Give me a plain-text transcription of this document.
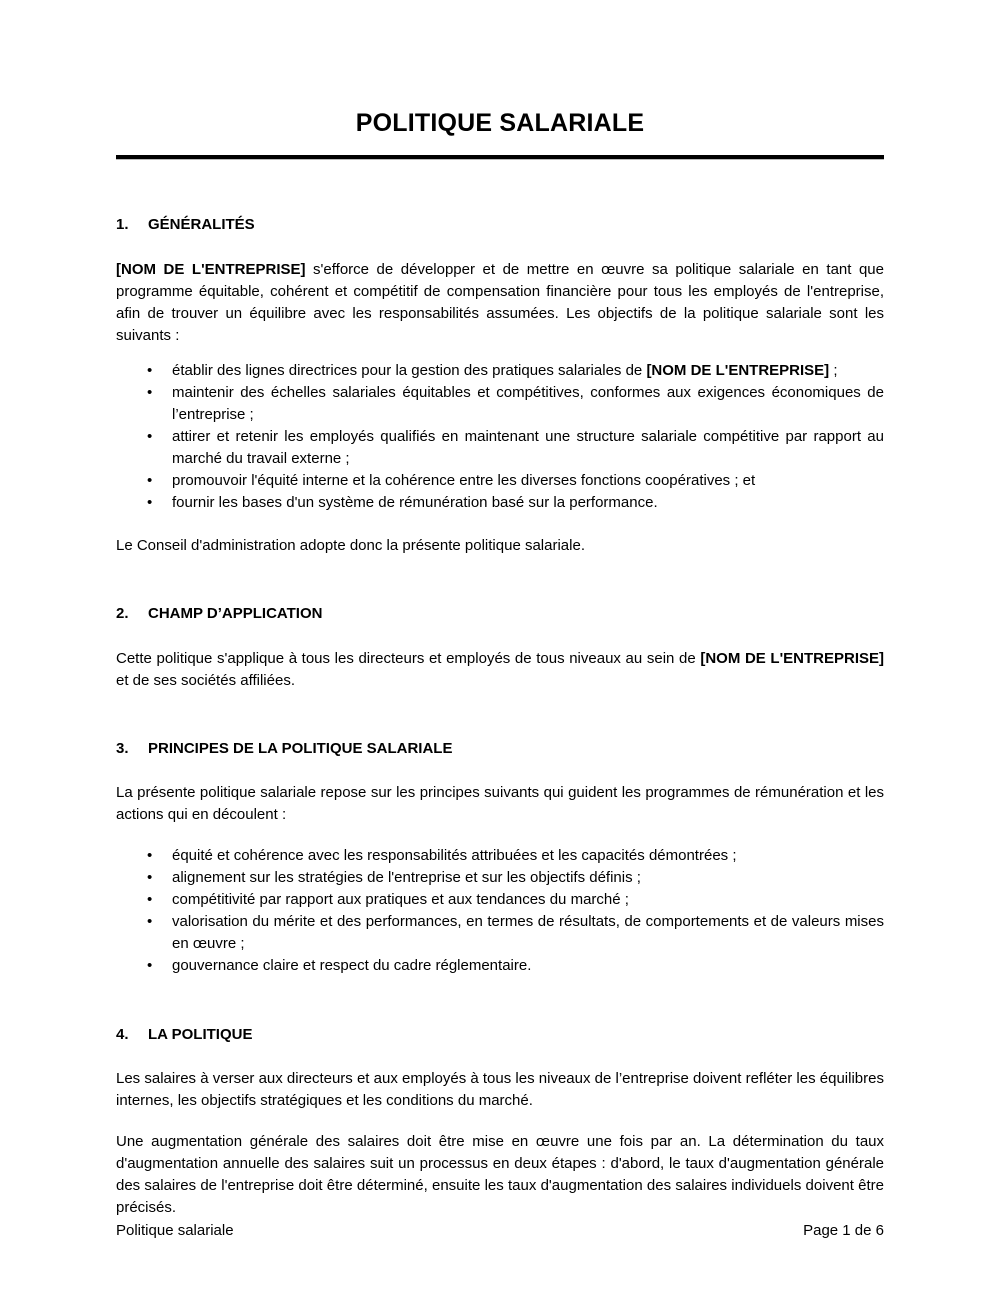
POLITIQUE SALARIALE
1.	GÉNÉRALITÉS

[NOM DE L'ENTREPRISE] s'efforce de développer et de mettre en œuvre sa politique salariale en tant que programme équitable, cohérent et compétitif de compensation financière pour tous les employés de l'entreprise, afin de trouver un équilibre avec les responsabilités assumées. Les objectifs de la politique salariale sont les suivants :

• établir des lignes directrices pour la gestion des pratiques salariales de [NOM DE L'ENTREPRISE] ;
• maintenir des échelles salariales équitables et compétitives, conformes aux exigences économiques de l’entreprise ;
• attirer et retenir les employés qualifiés en maintenant une structure salariale compétitive par rapport au marché du travail externe ;
• promouvoir l'équité interne et la cohérence entre les diverses fonctions coopératives ; et
• fournir les bases d'un système de rémunération basé sur la performance.

Le Conseil d'administration adopte donc la présente politique salariale.

2.	CHAMP D’APPLICATION

Cette politique s'applique à tous les directeurs et employés de tous niveaux au sein de [NOM DE L'ENTREPRISE] et de ses sociétés affiliées.

3.	PRINCIPES DE LA POLITIQUE SALARIALE

La présente politique salariale repose sur les principes suivants qui guident les programmes de rémunération et les actions qui en découlent :

• équité et cohérence avec les responsabilités attribuées et les capacités démontrées ;
• alignement sur les stratégies de l'entreprise et sur les objectifs définis ;
• compétitivité par rapport aux pratiques et aux tendances du marché ;
• valorisation du mérite et des performances, en termes de résultats, de comportements et de valeurs mises en œuvre ;
• gouvernance claire et respect du cadre réglementaire.
4.	LA POLITIQUE

Les salaires à verser aux directeurs et aux employés à tous les niveaux de l’entreprise doivent refléter les équilibres internes, les objectifs stratégiques et les conditions du marché.

Une augmentation générale des salaires doit être mise en œuvre une fois par an. La détermination du taux d'augmentation annuelle des salaires suit un processus en deux étapes : d'abord, le taux d'augmentation générale des salaires de l'entreprise doit être déterminé, ensuite les taux d'augmentation des salaires individuels doivent être précisés.

Politique salariale	Page 1 de 6
